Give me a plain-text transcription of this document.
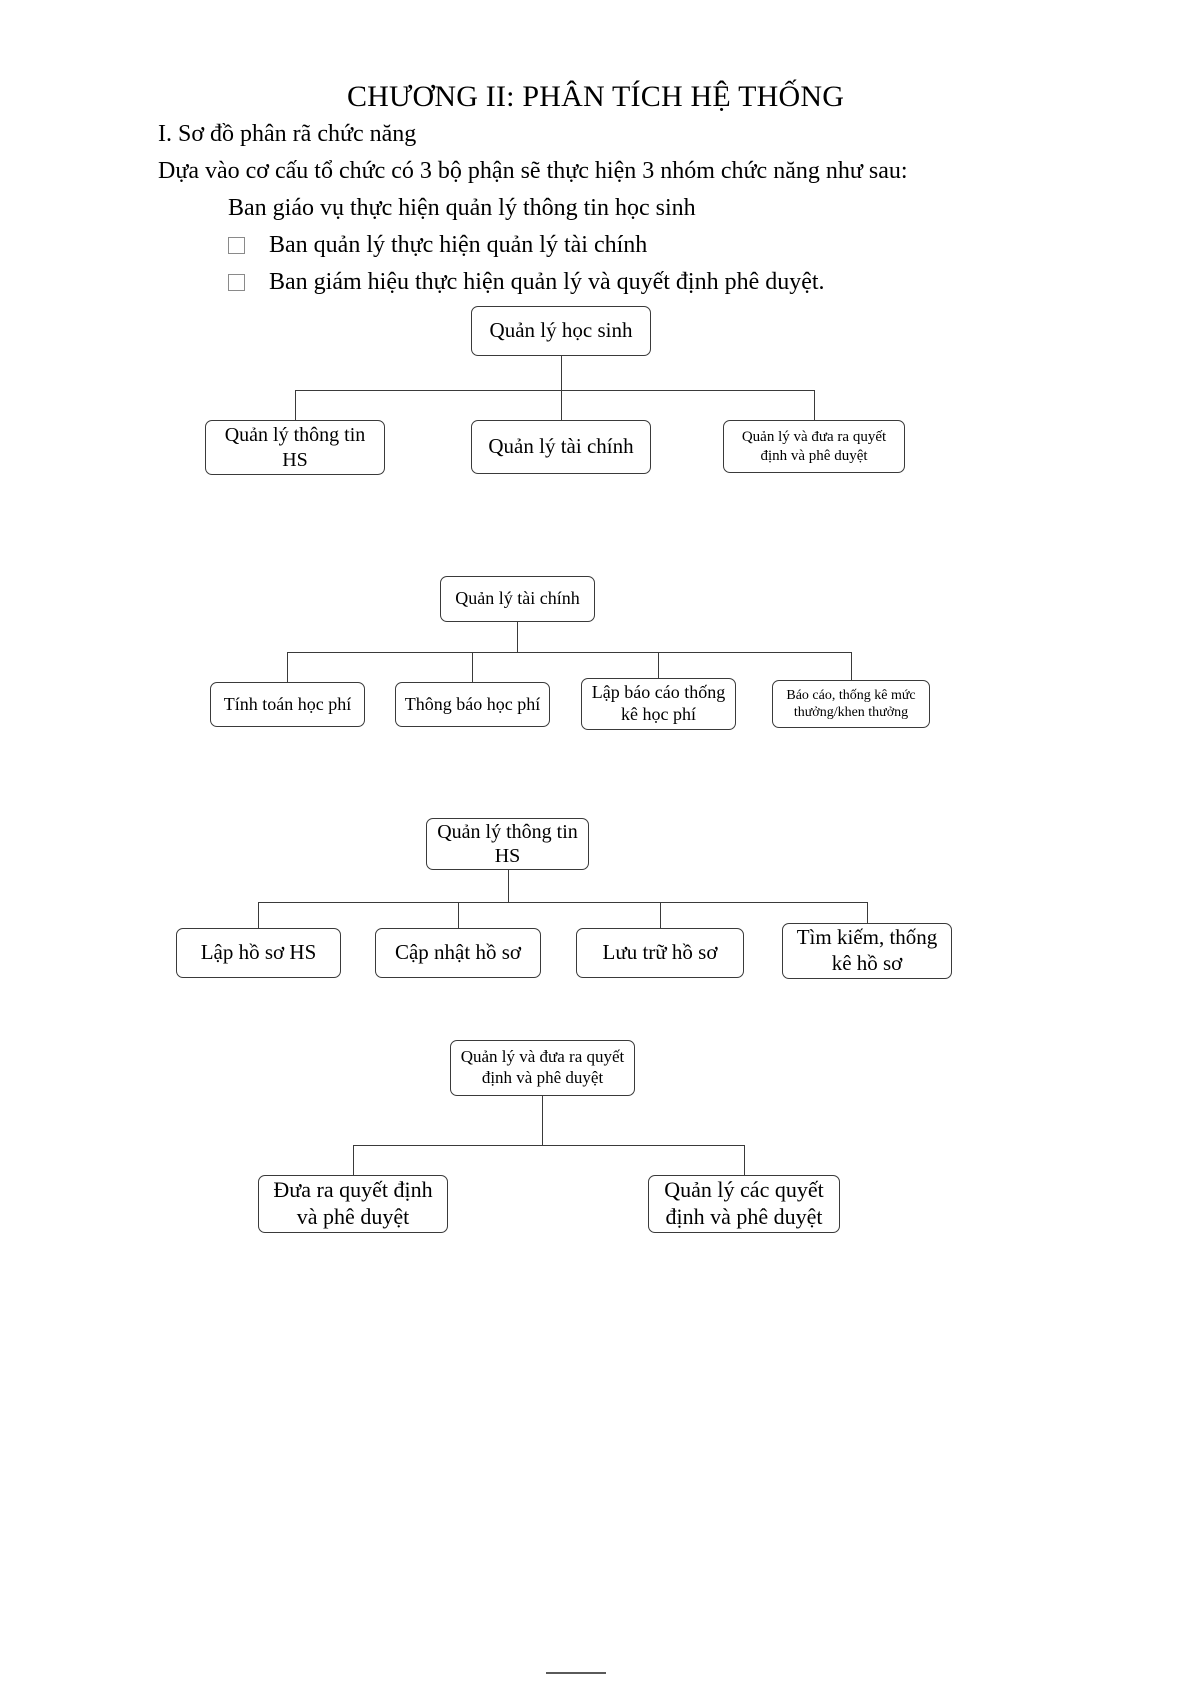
CHƯƠNG II: PHÂN TÍCH HỆ THỐNG

I. Sơ đồ phân rã chức năng

Dựa vào cơ cấu tổ chức có 3 bộ phận sẽ thực hiện 3 nhóm chức năng như sau:

Ban giáo vụ thực hiện quản lý thông tin học sinh

Ban quản lý thực hiện quản lý tài chính
Ban giám hiệu thực hiện quản lý và quyết định phê duyệt.
Quản lý học sinh
Quản lý thông tin HS
Quản lý tài chính	Quản lý và đưa ra quyết định và phê duyệt
Quản lý tài chính
Tính toán học phí	Thông báo học phí
Lập báo cáo thống kê học phí
Báo cáo, thống kê mức thưởng/khen thưởng
Quản lý thông tin HS
Lập hồ sơ HS	Cập nhật hồ sơ	Lưu trữ hồ sơ
Tìm kiếm, thống kê hồ sơ
Quản lý và đưa ra quyết định và phê duyệt
Đưa ra quyết định và phê duyệt
Quản lý các quyết định và phê duyệt
